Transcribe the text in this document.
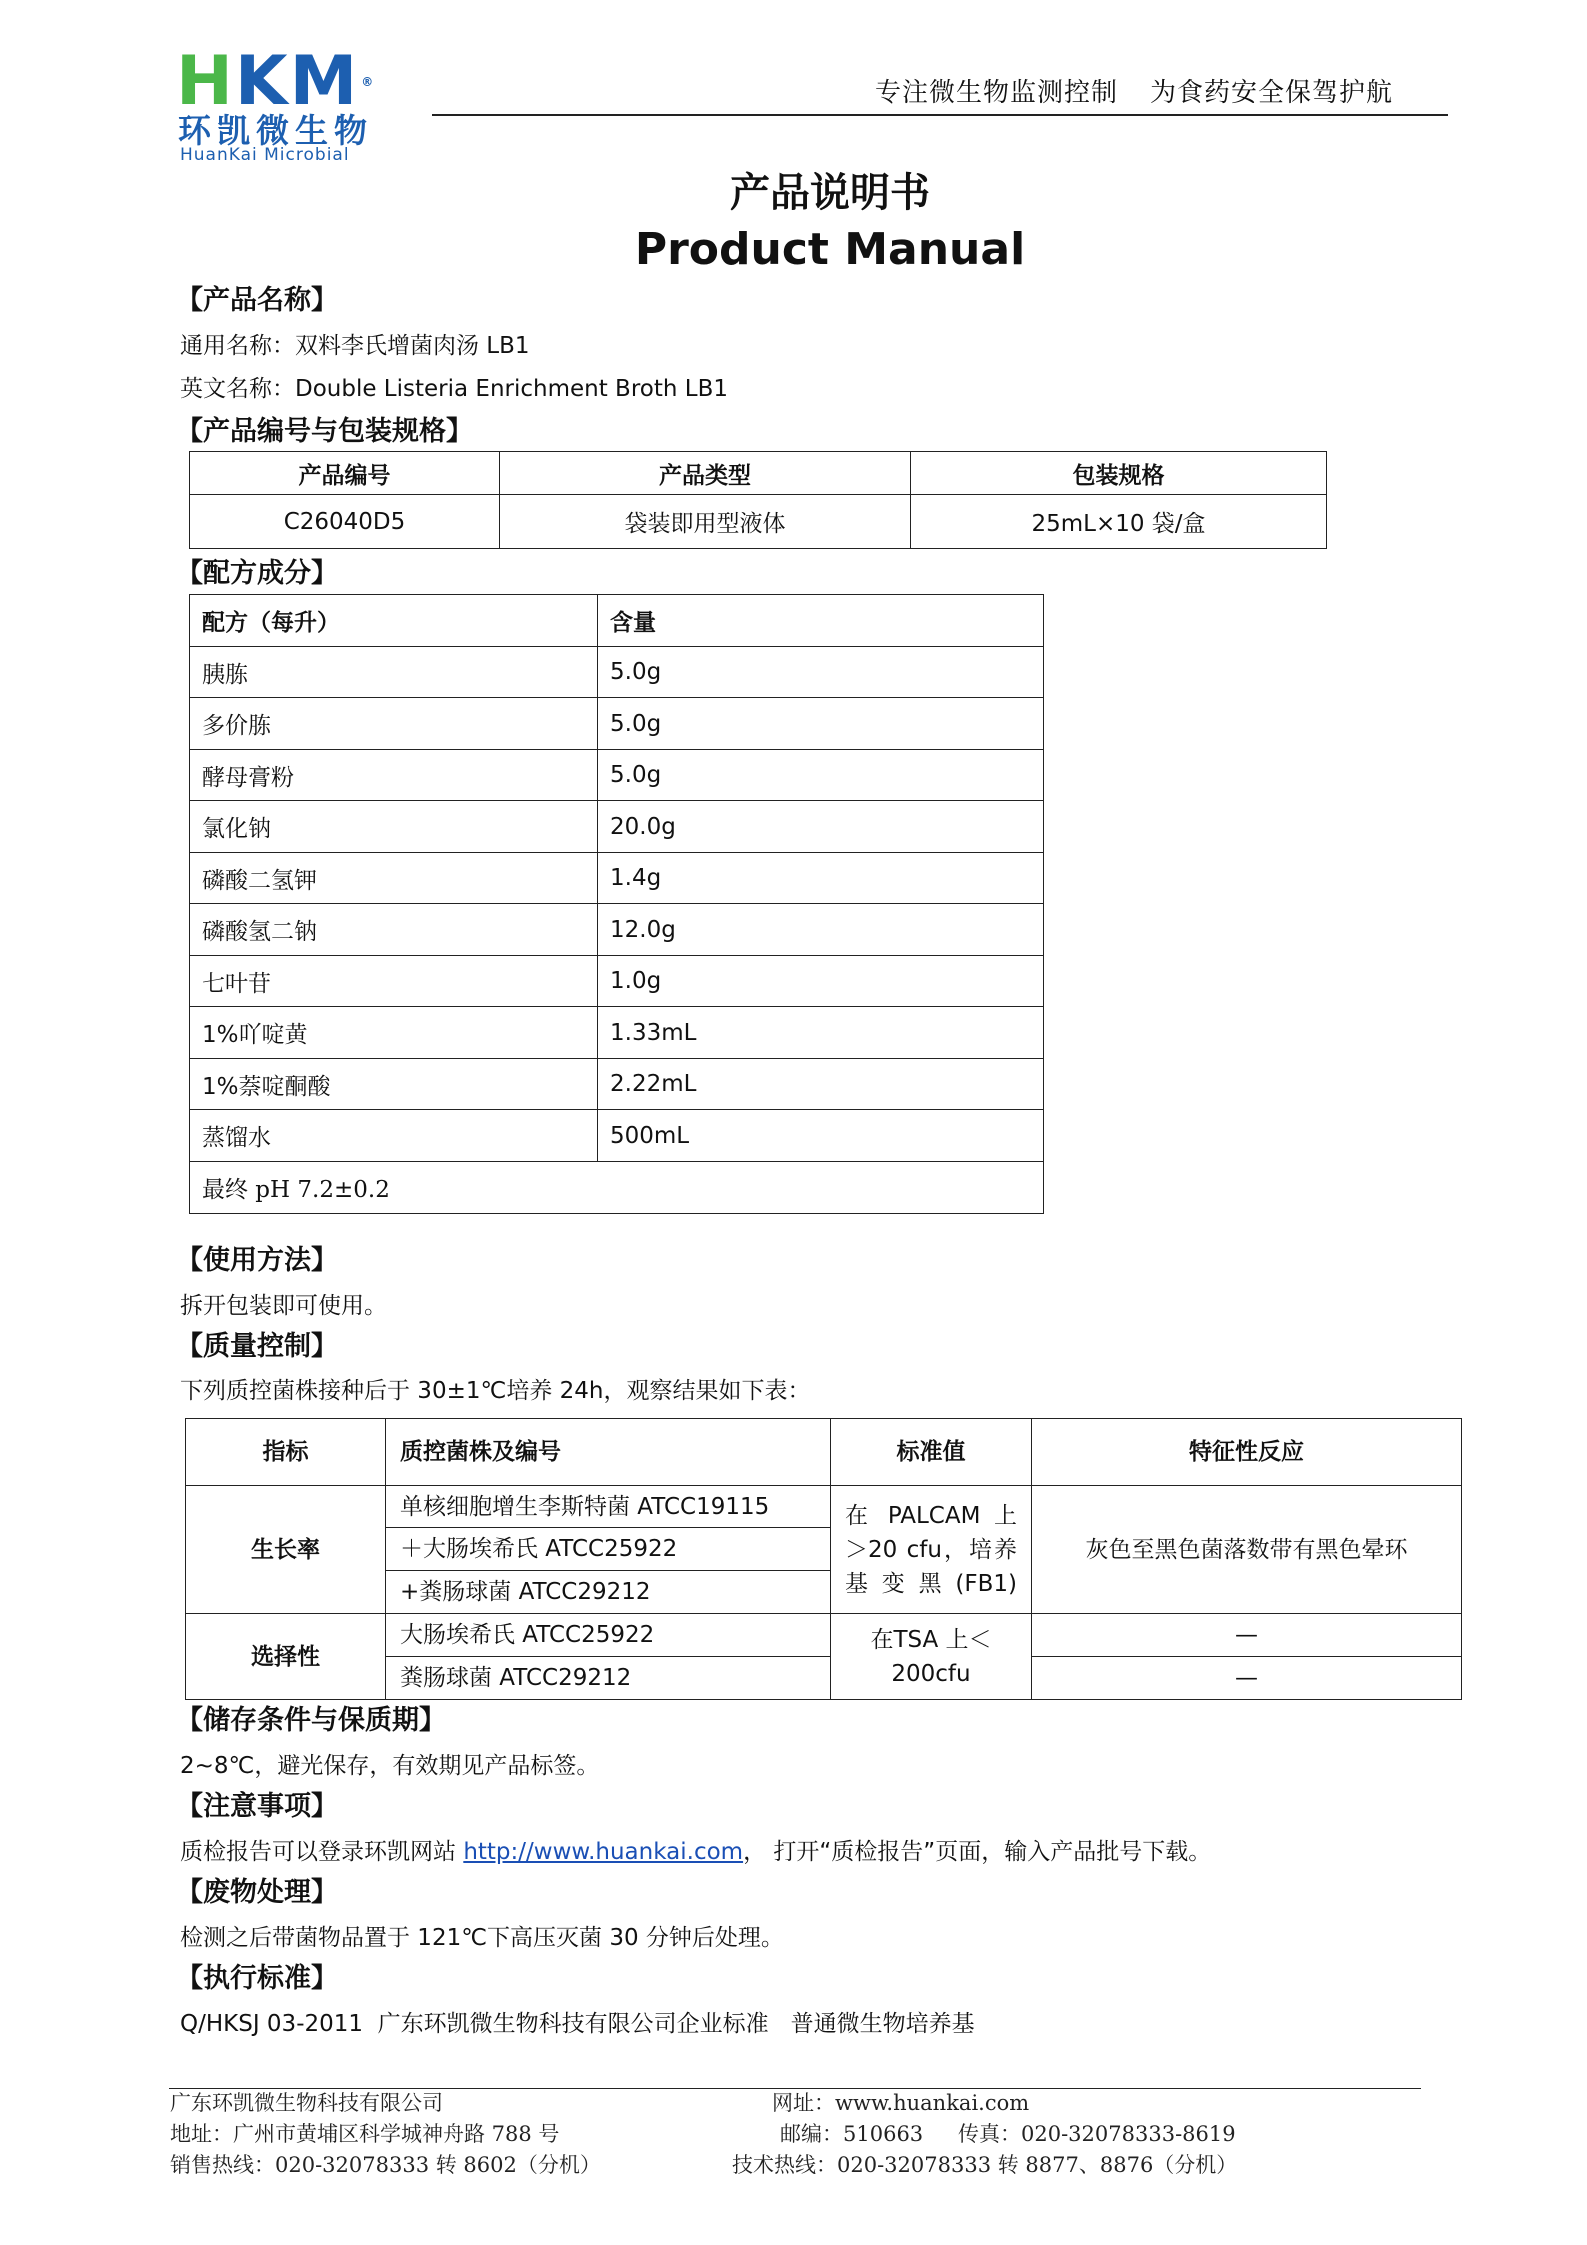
HKM ®
环凯微生物
HuanKai Microbial
专注微生物监测控制 为食药安全保驾护航
产品说明书
Product Manual
【产品名称】
通用名称：双料李氏增菌肉汤 LB1
英文名称：Double Listeria Enrichment Broth LB1
【产品编号与包装规格】
产品编号	产品类型	包装规格
C26040D5	袋装即用型液体	25mL×10 袋/盒
【配方成分】
配方（每升）	含量
胰胨	5.0g
多价胨	5.0g
酵母膏粉	5.0g
氯化钠	20.0g
磷酸二氢钾	1.4g
磷酸氢二钠	12.0g
七叶苷	1.0g
1%吖啶黄	1.33mL
1%萘啶酮酸	2.22mL
蒸馏水	500mL
最终 pH 7.2±0.2	
【使用方法】
拆开包装即可使用。
【质量控制】
下列质控菌株接种后于 30±1℃培养 24h，观察结果如下表：
指标	质控菌株及编号	标准值	特征性反应
生长率	单核细胞增生李斯特菌 ATCC19115	在 PALCAM 上＞20 cfu，培养基变黑(FB1)	灰色至黑色菌落数带有黑色晕环
	＋大肠埃希氏 ATCC25922		
	+粪肠球菌 ATCC29212		
选择性	大肠埃希氏 ATCC25922	在TSA 上＜200cfu	—
	粪肠球菌 ATCC29212		—
【储存条件与保质期】
2~8℃，避光保存，有效期见产品标签。
【注意事项】
质检报告可以登录环凯网站 http://www.huankai.com， 打开“质检报告”页面，输入产品批号下载。
【废物处理】
检测之后带菌物品置于 121℃下高压灭菌 30 分钟后处理。
【执行标准】
Q/HKSJ 03-2011  广东环凯微生物科技有限公司企业标准   普通微生物培养基
广东环凯微生物科技有限公司
地址：广州市黄埔区科学城神舟路 788 号
销售热线：020-32078333 转 8602（分机）
网址：www.huankai.com
邮编：510663 传真：020-32078333-8619
技术热线：020-32078333 转 8877、8876（分机）
